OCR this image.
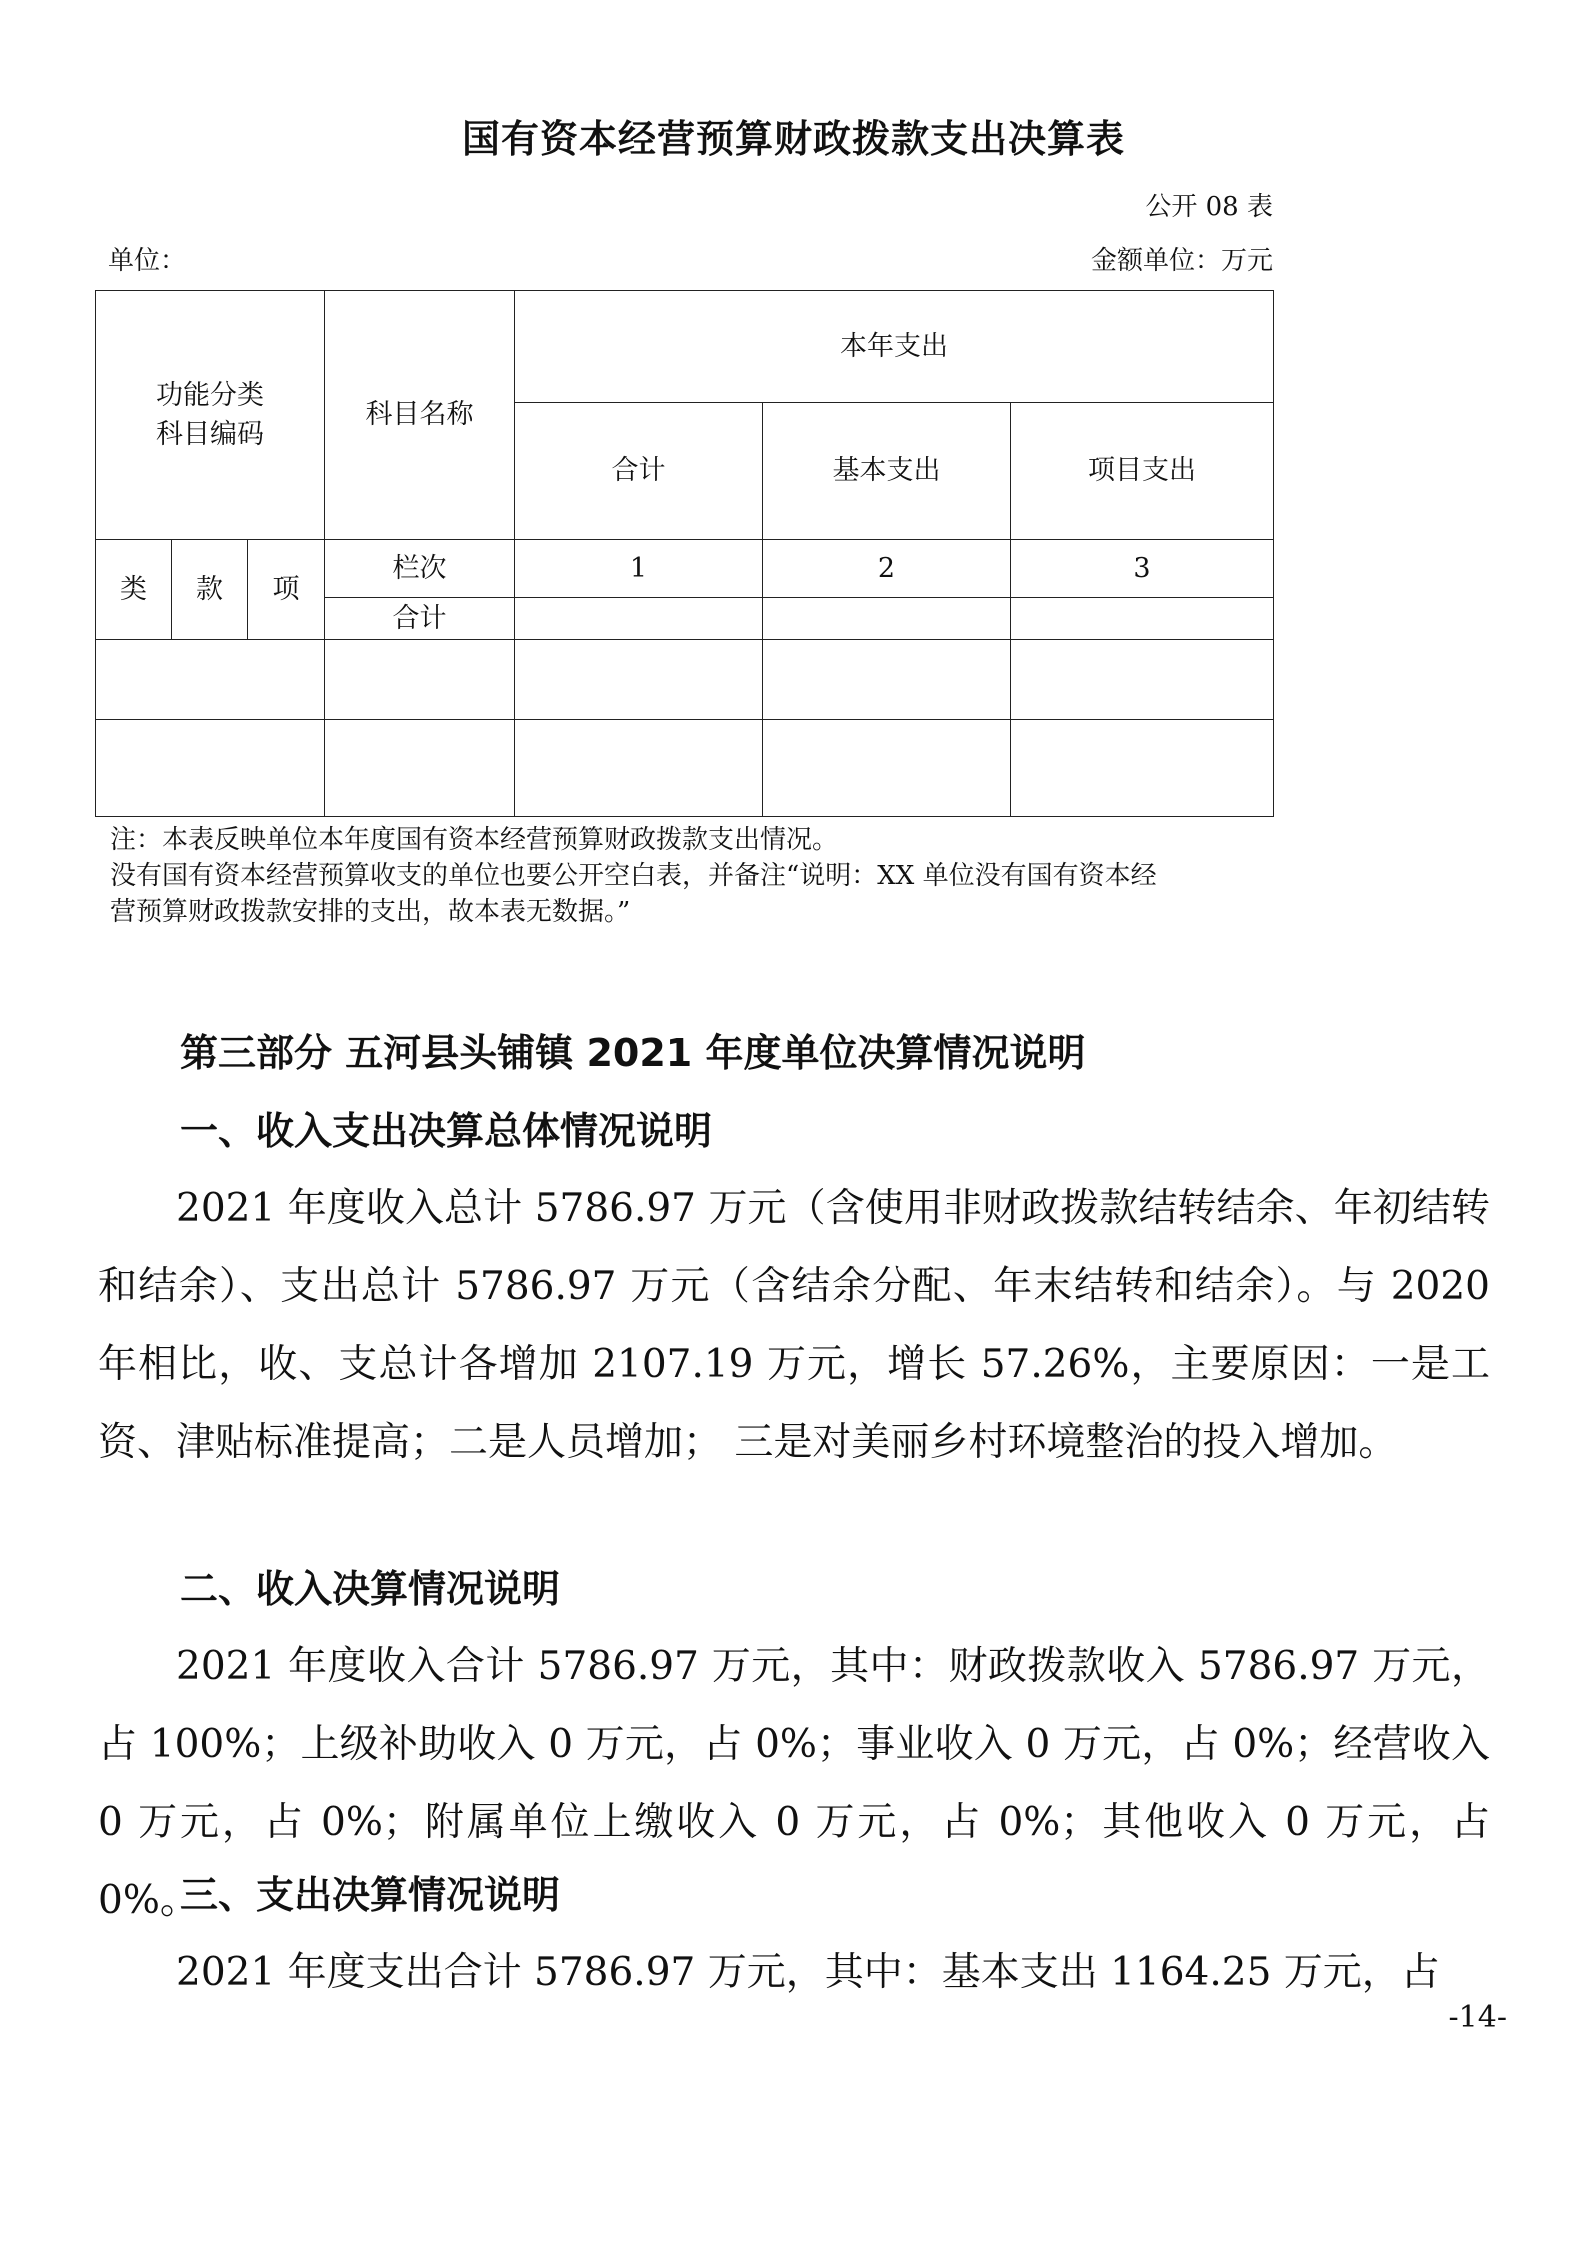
国有资本经营预算财政拨款支出决算表
公开 08 表
单位：	金额单位：万元
功能分类
科目编码			科目名称	本年支出		
				合计	基本支出	项目支出
类	款	项	栏次	1	2	3
			合计			

注：本表反映单位本年度国有资本经营预算财政拨款支出情况。
没有国有资本经营预算收支的单位也要公开空白表，并备注“说明：XX 单位没有国有资本经
营预算财政拨款安排的支出，故本表无数据。”
第三部分 五河县头铺镇 2021 年度单位决算情况说明
一、收入支出决算总体情况说明

2021 年度收入总计 5786.97 万元（含使用非财政拨款结转结余、年初结转和结余）、支出总计 5786.97 万元（含结余分配、年末结转和结余）。与 2020 年相比，收、支总计各增加 2107.19 万元，增长 57.26%，主要原因：一是工资、津贴标准提高；二是人员增加； 三是对美丽乡村环境整治的投入增加。

二、收入决算情况说明

2021 年度收入合计 5786.97 万元，其中：财政拨款收入 5786.97 万元，占 100%；上级补助收入 0 万元，占 0%；事业收入 0 万元，占 0%；经营收入 0 万元，占 0%；附属单位上缴收入 0 万元，占 0%；其他收入 0 万元，占 0%。

三、支出决算情况说明

2021 年度支出合计 5786.97 万元，其中：基本支出 1164.25 万元，占

-14-
